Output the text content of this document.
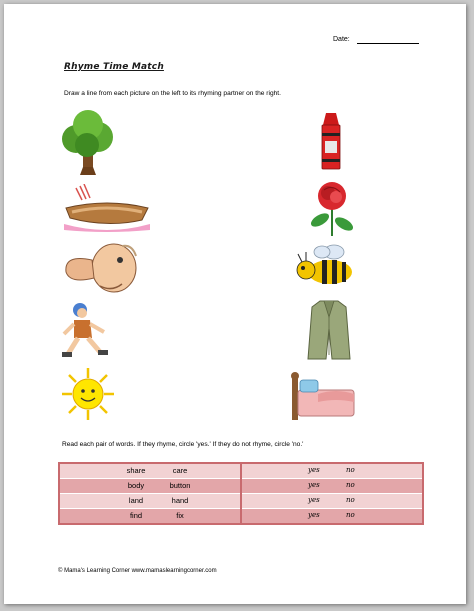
Date:
Rhyme Time Match
Draw a line from each picture on the left to its rhyming partner on the right.
Read each pair of words. If they rhyme, circle 'yes.' If they do not rhyme, circle 'no.'
share care	yes no

body button	yes no

land hand	yes no

find fix	yes no
© Mama's Learning Corner www.mamaslearningcorner.com
